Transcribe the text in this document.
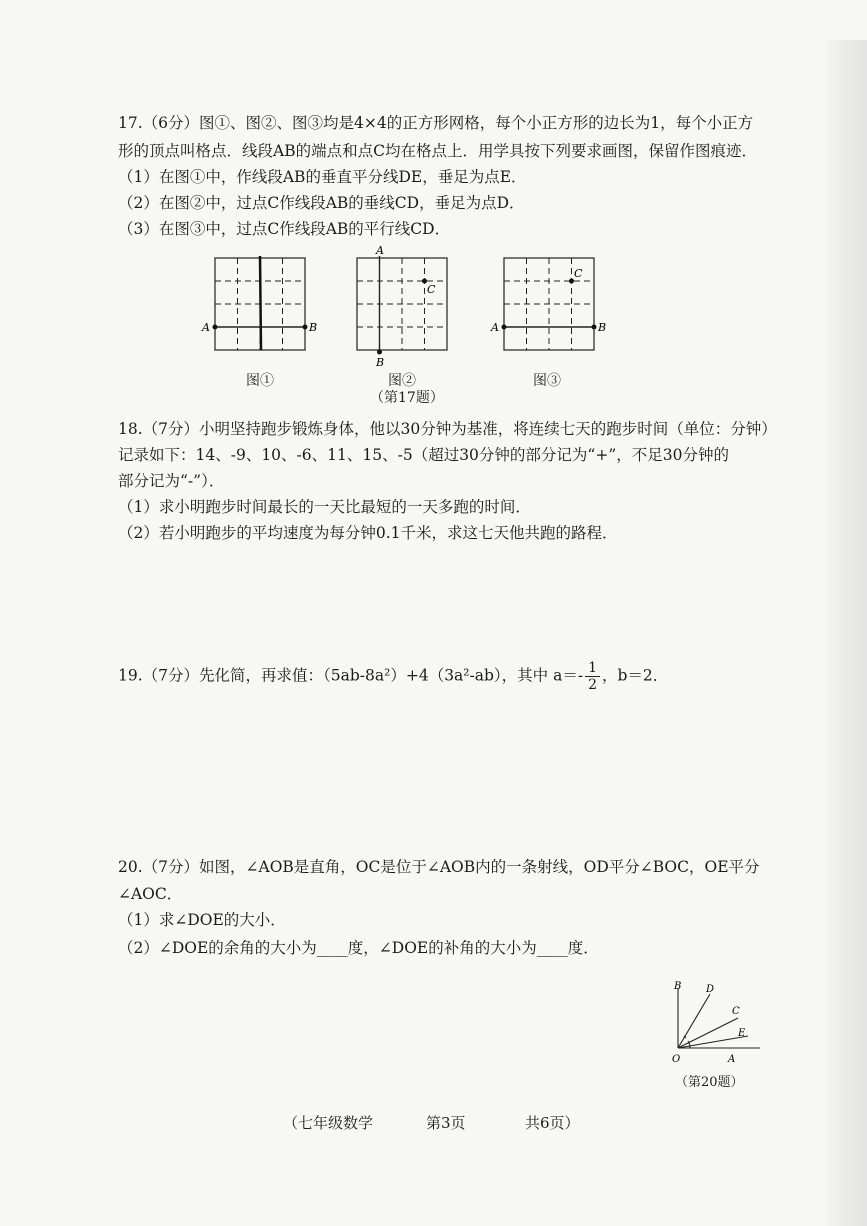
17.（6分）图①、图②、图③均是4×4的正方形网格，每个小正方形的边长为1，每个小正方
形的顶点叫格点．线段AB的端点和点C均在格点上．用学具按下列要求画图，保留作图痕迹．
（1）在图①中，作线段AB的垂直平分线DE，垂足为点E．
（2）在图②中，过点C作线段AB的垂线CD，垂足为点D．
（3）在图③中，过点C作线段AB的平行线CD．
A	B
图①
A
B
C
图②
（第17题）
A	B
C
图③
18.（7分）小明坚持跑步锻炼身体，他以30分钟为基准，将连续七天的跑步时间（单位：分钟）
记录如下：14、-9、10、-6、11、15、-5（超过30分钟的部分记为“+”，不足30分钟的
部分记为“-”）．
（1）求小明跑步时间最长的一天比最短的一天多跑的时间．
（2）若小明跑步的平均速度为每分钟0.1千米，求这七天他共跑的路程．
19.（7分）先化简，再求值：（5ab-8a²）+4（3a²-ab），其中 $a=- \frac{1}{2}$ ，b＝2．
20.（7分）如图，∠AOB是直角，OC是位于∠AOB内的一条射线，OD平分∠BOC，OE平分
∠AOC．
（1）求∠DOE的大小．
（2）∠DOE的余角的大小为____度，∠DOE的补角的大小为____度．
B D
C
E
O	A
（第20题）
（七年级数学	第3页	共6页）
